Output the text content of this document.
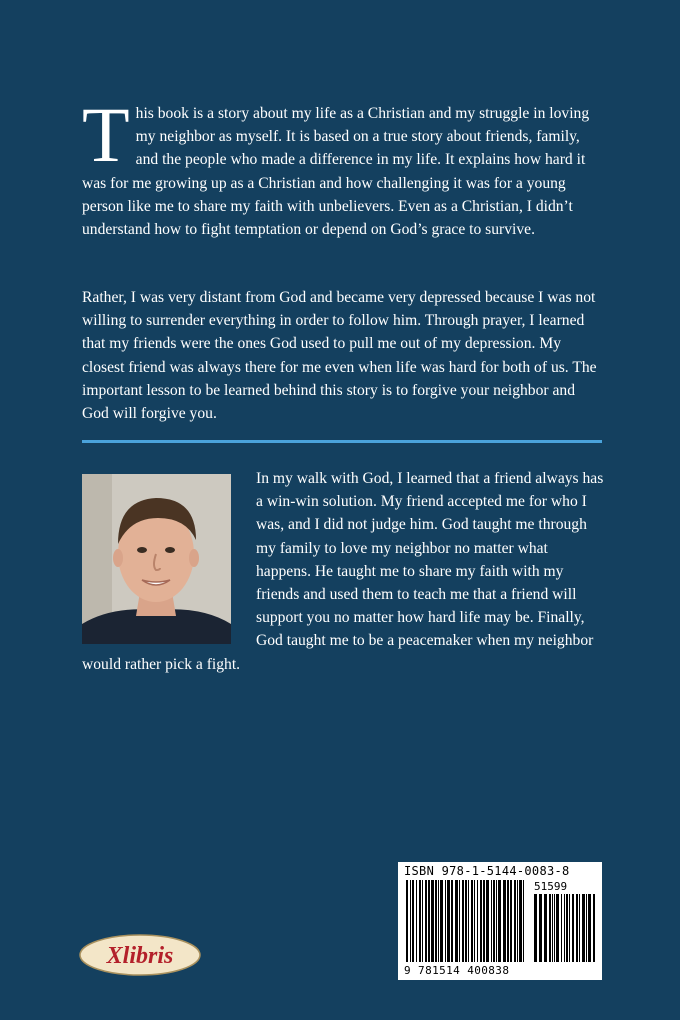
This book is a story about my life as a Christian and my struggle in loving my neighbor as myself. It is based on a true story about friends, family, and the people who made a difference in my life. It explains how hard it was for me growing up as a Christian and how challenging it was for a young person like me to share my faith with unbelievers. Even as a Christian, I didn’t understand how to fight temptation or depend on God’s grace to survive.

Rather, I was very distant from God and became very depressed because I was not willing to surrender everything in order to follow him. Through prayer, I learned that my friends were the ones God used to pull me out of my depression. My closest friend was always there for me even when life was hard for both of us. The important lesson to be learned behind this story is to forgive your neighbor and God will forgive you.

In my walk with God, I learned that a friend always has a win-win solution. My friend accepted me for who I was, and I did not judge him. God taught me through my family to love my neighbor no matter what happens. He taught me to share my faith with my friends and used them to teach me that a friend will support you no matter how hard life may be. Finally, God taught me to be a peacemaker when my neighbor would rather pick a fight.

ISBN 978-1-5144-0083-8
51599
9 781514 400838
Xlibris
